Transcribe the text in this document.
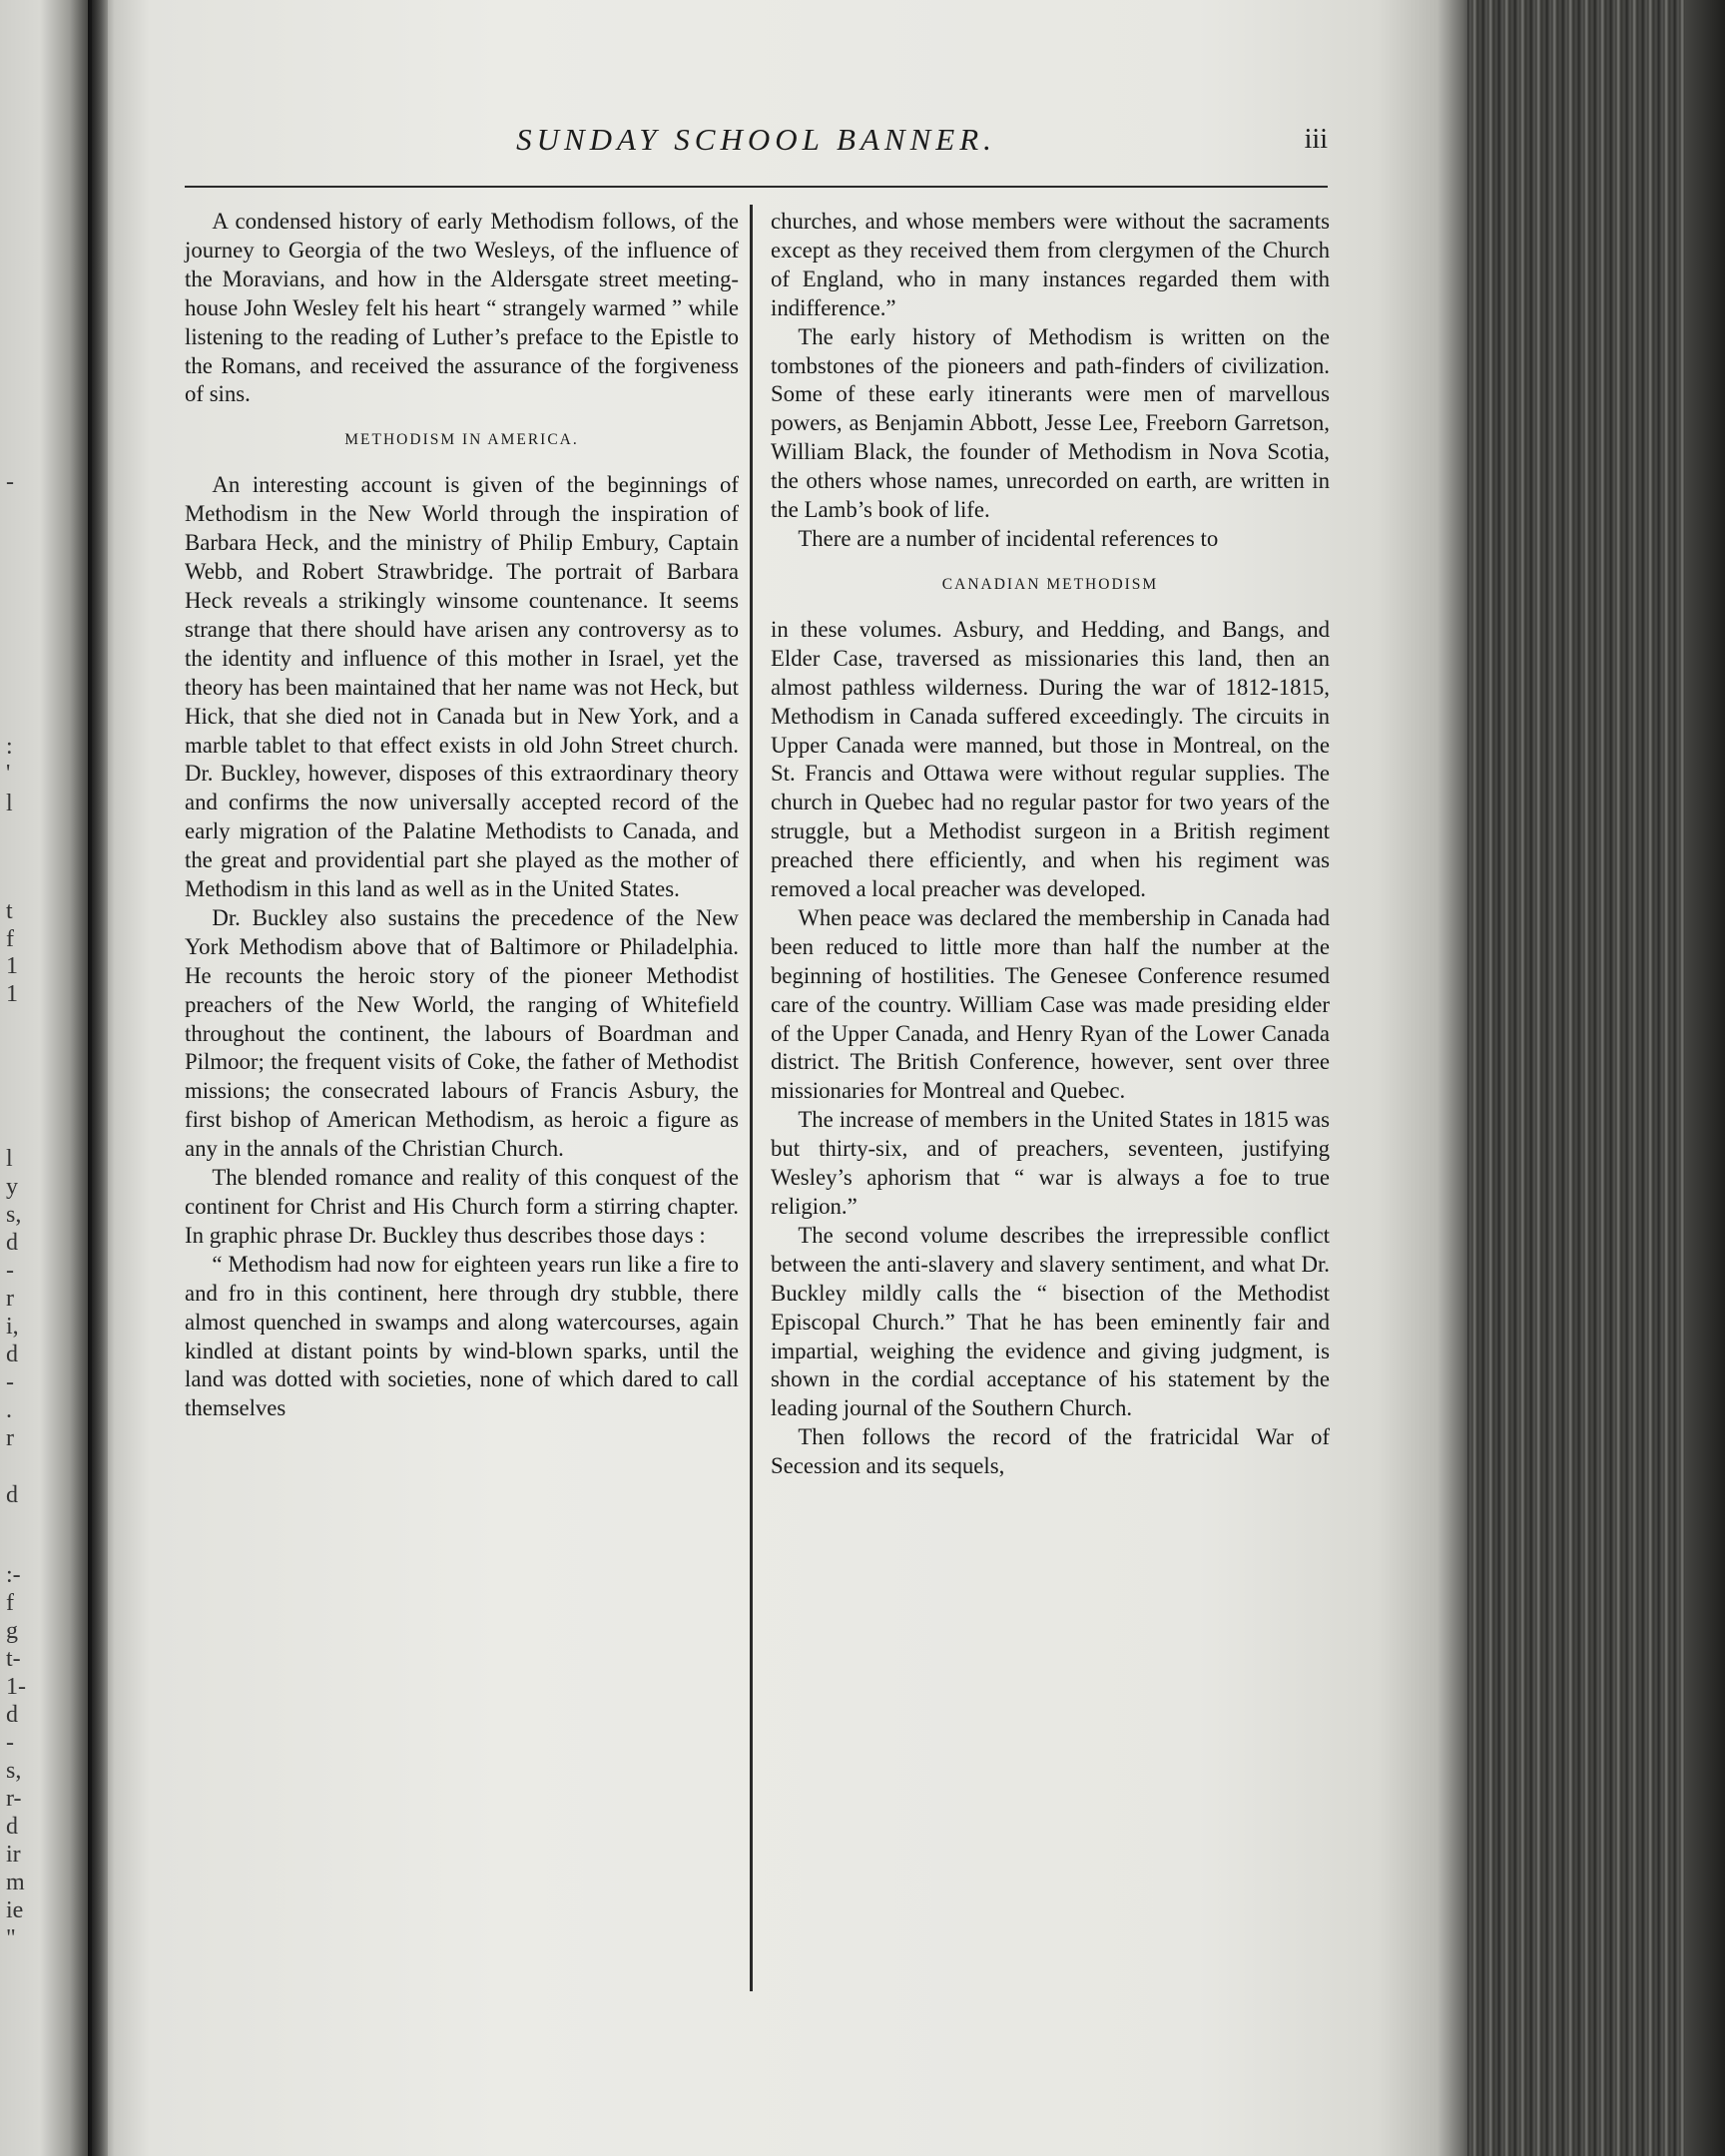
-
:
'
l
t
f
1
1
l
y
s,
d
-
r
i,
d
-
.
r
d
:-
f
g
t-
1-
d
-
s,
r-
d
ir
m
ie
"
SUNDAY SCHOOL BANNER.	iii

A condensed history of early Methodism follows, of the journey to Georgia of the two Wesleys, of the influence of the Moravians, and how in the Aldersgate street meeting-house John Wesley felt his heart “ strangely warmed ” while listening to the reading of Luther’s preface to the Epistle to the Romans, and received the assurance of the forgiveness of sins.

METHODISM IN AMERICA.

An interesting account is given of the beginnings of Methodism in the New World through the inspiration of Barbara Heck, and the ministry of Philip Embury, Captain Webb, and Robert Strawbridge. The portrait of Barbara Heck reveals a strikingly winsome countenance. It seems strange that there should have arisen any controversy as to the identity and influence of this mother in Israel, yet the theory has been maintained that her name was not Heck, but Hick, that she died not in Canada but in New York, and a marble tablet to that effect exists in old John Street church. Dr. Buckley, however, disposes of this extraordinary theory and confirms the now universally accepted record of the early migration of the Palatine Methodists to Canada, and the great and providential part she played as the mother of Methodism in this land as well as in the United States.

Dr. Buckley also sustains the precedence of the New York Methodism above that of Baltimore or Philadelphia. He recounts the heroic story of the pioneer Methodist preachers of the New World, the ranging of Whitefield throughout the continent, the labours of Boardman and Pilmoor; the frequent visits of Coke, the father of Methodist missions; the consecrated labours of Francis Asbury, the first bishop of American Methodism, as heroic a figure as any in the annals of the Christian Church.

The blended romance and reality of this conquest of the continent for Christ and His Church form a stirring chapter. In graphic phrase Dr. Buckley thus describes those days :

“ Methodism had now for eighteen years run like a fire to and fro in this continent, here through dry stubble, there almost quenched in swamps and along watercourses, again kindled at distant points by wind-blown sparks, until the land was dotted with societies, none of which dared to call themselves

churches, and whose members were without the sacraments except as they received them from clergymen of the Church of England, who in many instances regarded them with indifference.”

The early history of Methodism is written on the tombstones of the pioneers and path-finders of civilization. Some of these early itinerants were men of marvellous powers, as Benjamin Abbott, Jesse Lee, Freeborn Garretson, William Black, the founder of Methodism in Nova Scotia, the others whose names, unrecorded on earth, are written in the Lamb’s book of life.

There are a number of incidental references to

CANADIAN METHODISM

in these volumes. Asbury, and Hedding, and Bangs, and Elder Case, traversed as missionaries this land, then an almost pathless wilderness. During the war of 1812-1815, Methodism in Canada suffered exceedingly. The circuits in Upper Canada were manned, but those in Montreal, on the St. Francis and Ottawa were without regular supplies. The church in Quebec had no regular pastor for two years of the struggle, but a Methodist surgeon in a British regiment preached there efficiently, and when his regiment was removed a local preacher was developed.

When peace was declared the membership in Canada had been reduced to little more than half the number at the beginning of hostilities. The Genesee Conference resumed care of the country. William Case was made presiding elder of the Upper Canada, and Henry Ryan of the Lower Canada district. The British Conference, however, sent over three missionaries for Montreal and Quebec.

The increase of members in the United States in 1815 was but thirty-six, and of preachers, seventeen, justifying Wesley’s aphorism that “ war is always a foe to true religion.”

The second volume describes the irrepressible conflict between the anti-slavery and slavery sentiment, and what Dr. Buckley mildly calls the “ bisection of the Methodist Episcopal Church.” That he has been eminently fair and impartial, weighing the evidence and giving judgment, is shown in the cordial acceptance of his statement by the leading journal of the Southern Church.

Then follows the record of the fratricidal War of Secession and its sequels,
